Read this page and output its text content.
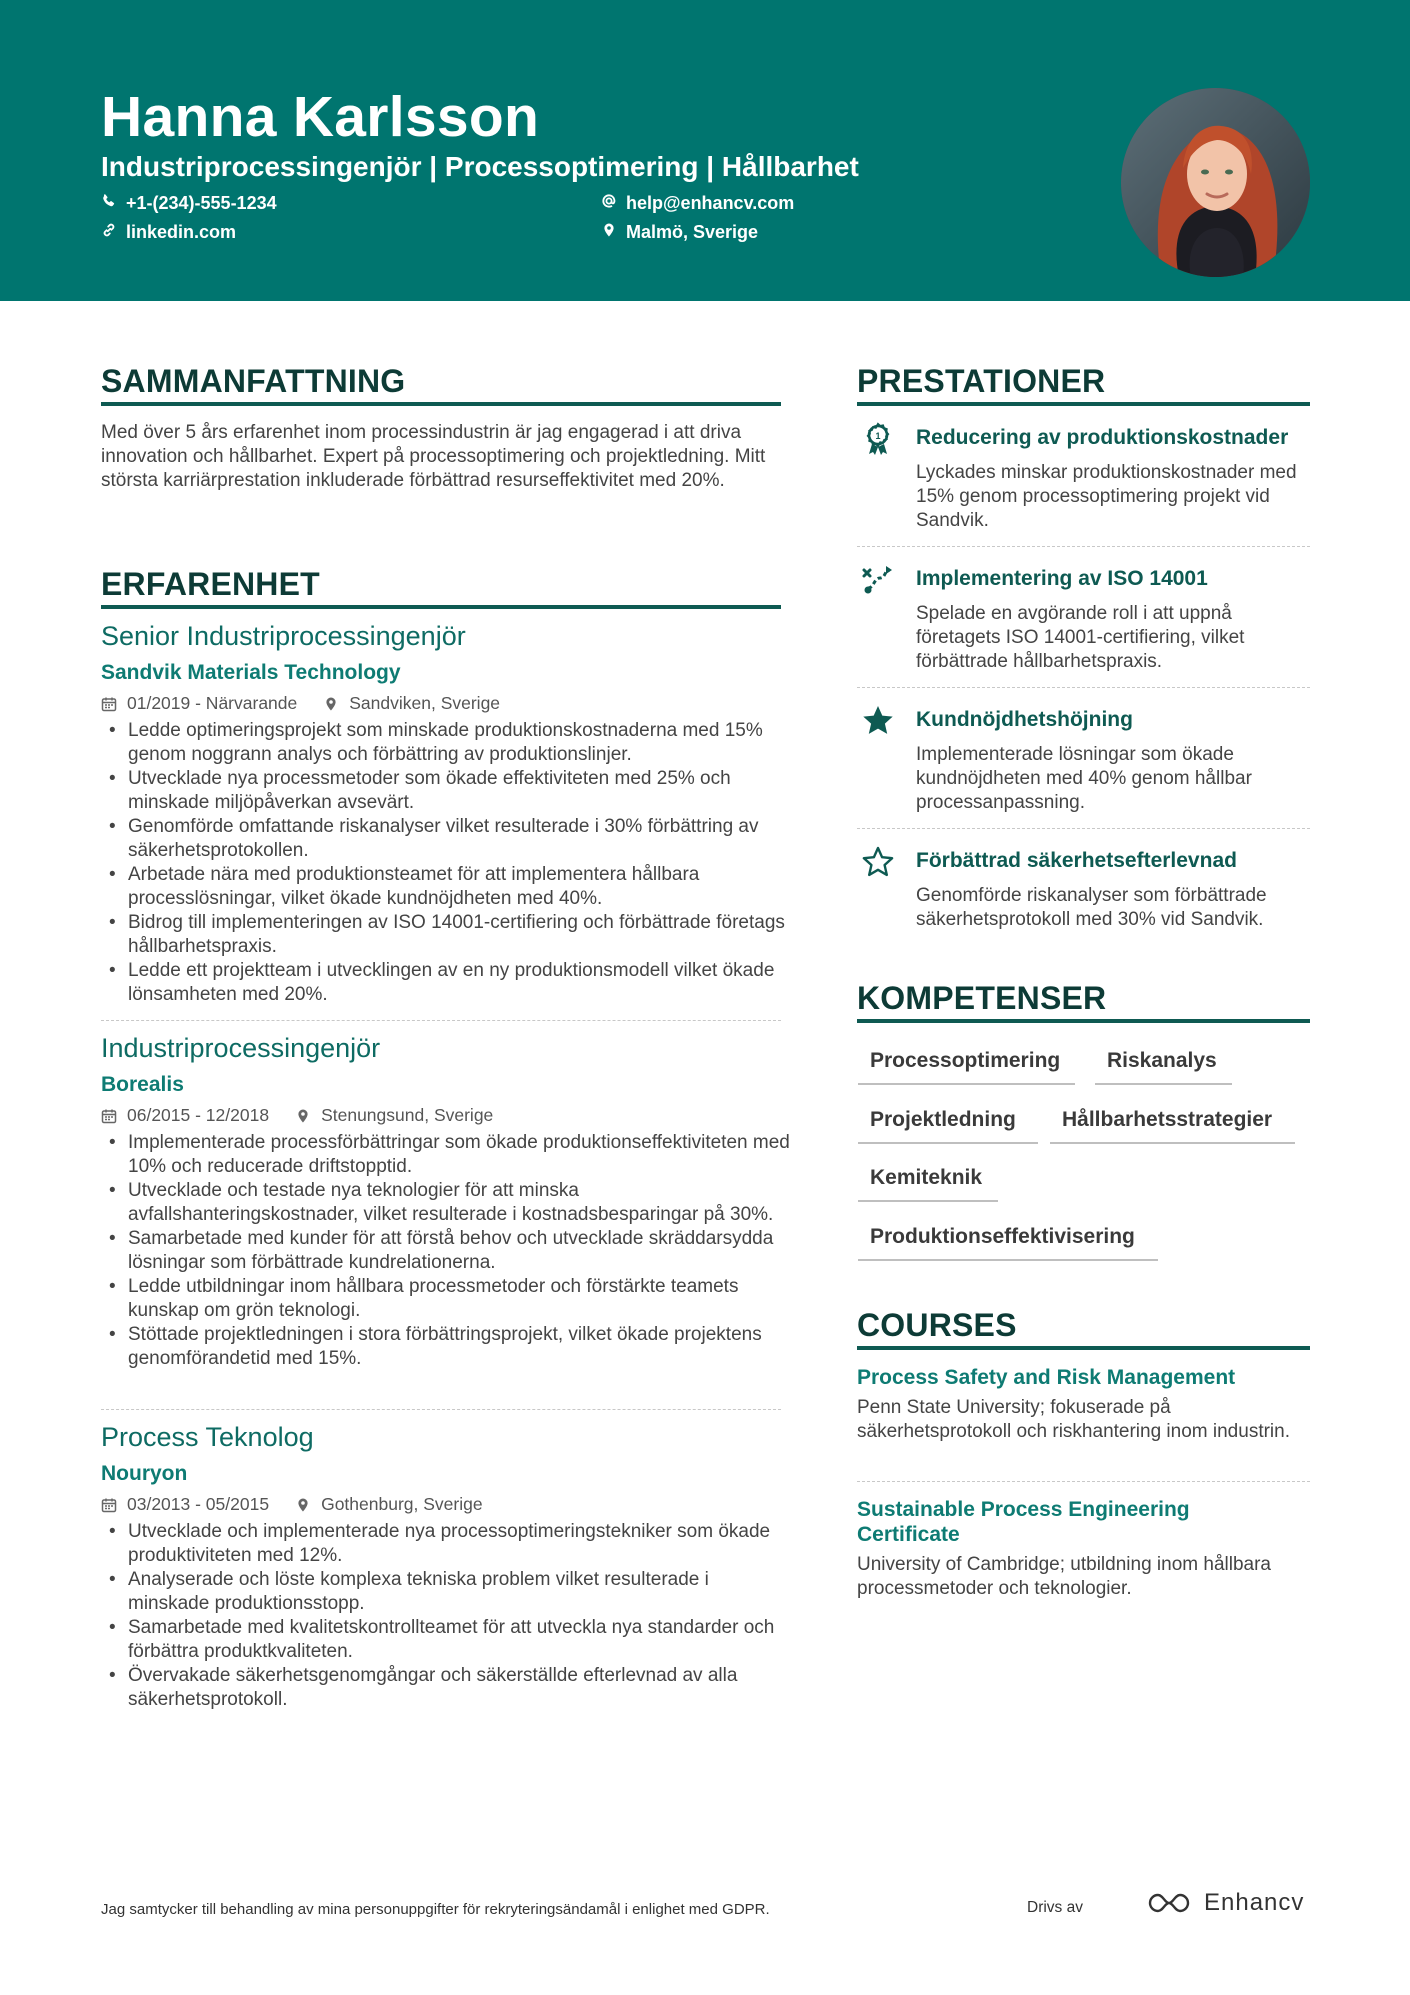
Hanna Karlsson
Industriprocessingenjör | Processoptimering | Hållbarhet
+1-(234)-555-1234	help@enhancv.com
linkedin.com	Malmö, Sverige
SAMMANFATTNING
Med över 5 års erfarenhet inom processindustrin är jag engagerad i att driva innovation och hållbarhet. Expert på processoptimering och projektledning. Mitt största karriärprestation inkluderade förbättrad resurseffektivitet med 20%.
ERFARENHET
Senior Industriprocessingenjör
Sandvik Materials Technology
01/2019 - Närvarande	Sandviken, Sverige
• Ledde optimeringsprojekt som minskade produktionskostnaderna med 15% genom noggrann analys och förbättring av produktionslinjer.
• Utvecklade nya processmetoder som ökade effektiviteten med 25% och minskade miljöpåverkan avsevärt.
• Genomförde omfattande riskanalyser vilket resulterade i 30% förbättring av säkerhetsprotokollen.
• Arbetade nära med produktionsteamet för att implementera hållbara processlösningar, vilket ökade kundnöjdheten med 40%.
• Bidrog till implementeringen av ISO 14001-certifiering och förbättrade företags hållbarhetspraxis.
• Ledde ett projektteam i utvecklingen av en ny produktionsmodell vilket ökade lönsamheten med 20%.
Industriprocessingenjör
Borealis
06/2015 - 12/2018	Stenungsund, Sverige
• Implementerade processförbättringar som ökade produktionseffektiviteten med 10% och reducerade driftstopptid.
• Utvecklade och testade nya teknologier för att minska avfallshanteringskostnader, vilket resulterade i kostnadsbesparingar på 30%.
• Samarbetade med kunder för att förstå behov och utvecklade skräddarsydda lösningar som förbättrade kundrelationerna.
• Ledde utbildningar inom hållbara processmetoder och förstärkte teamets kunskap om grön teknologi.
• Stöttade projektledningen i stora förbättringsprojekt, vilket ökade projektens genomförandetid med 15%.
Process Teknolog
Nouryon
03/2013 - 05/2015	Gothenburg, Sverige
• Utvecklade och implementerade nya processoptimeringstekniker som ökade produktiviteten med 12%.
• Analyserade och löste komplexa tekniska problem vilket resulterade i minskade produktionsstopp.
• Samarbetade med kvalitetskontrollteamet för att utveckla nya standarder och förbättra produktkvaliteten.
• Övervakade säkerhetsgenomgångar och säkerställde efterlevnad av alla säkerhetsprotokoll.
PRESTATIONER
1 Reducering av produktionskostnader
Lyckades minskar produktionskostnader med 15% genom processoptimering projekt vid Sandvik.
Implementering av ISO 14001
Spelade en avgörande roll i att uppnå företagets ISO 14001-certifiering, vilket förbättrade hållbarhetspraxis.
Kundnöjdhetshöjning
Implementerade lösningar som ökade kundnöjdheten med 40% genom hållbar processanpassning.
Förbättrad säkerhetsefterlevnad
Genomförde riskanalyser som förbättrade säkerhetsprotokoll med 30% vid Sandvik.
KOMPETENSER
Processoptimering	Riskanalys
Projektledning	Hållbarhetsstrategier
Kemiteknik
Produktionseffektivisering
COURSES
Process Safety and Risk Management
Penn State University; fokuserade på säkerhetsprotokoll och riskhantering inom industrin.
Sustainable Process Engineering Certificate
University of Cambridge; utbildning inom hållbara processmetoder och teknologier.
Jag samtycker till behandling av mina personuppgifter för rekryteringsändamål i enlighet med GDPR.	Drivs av	Enhancv
